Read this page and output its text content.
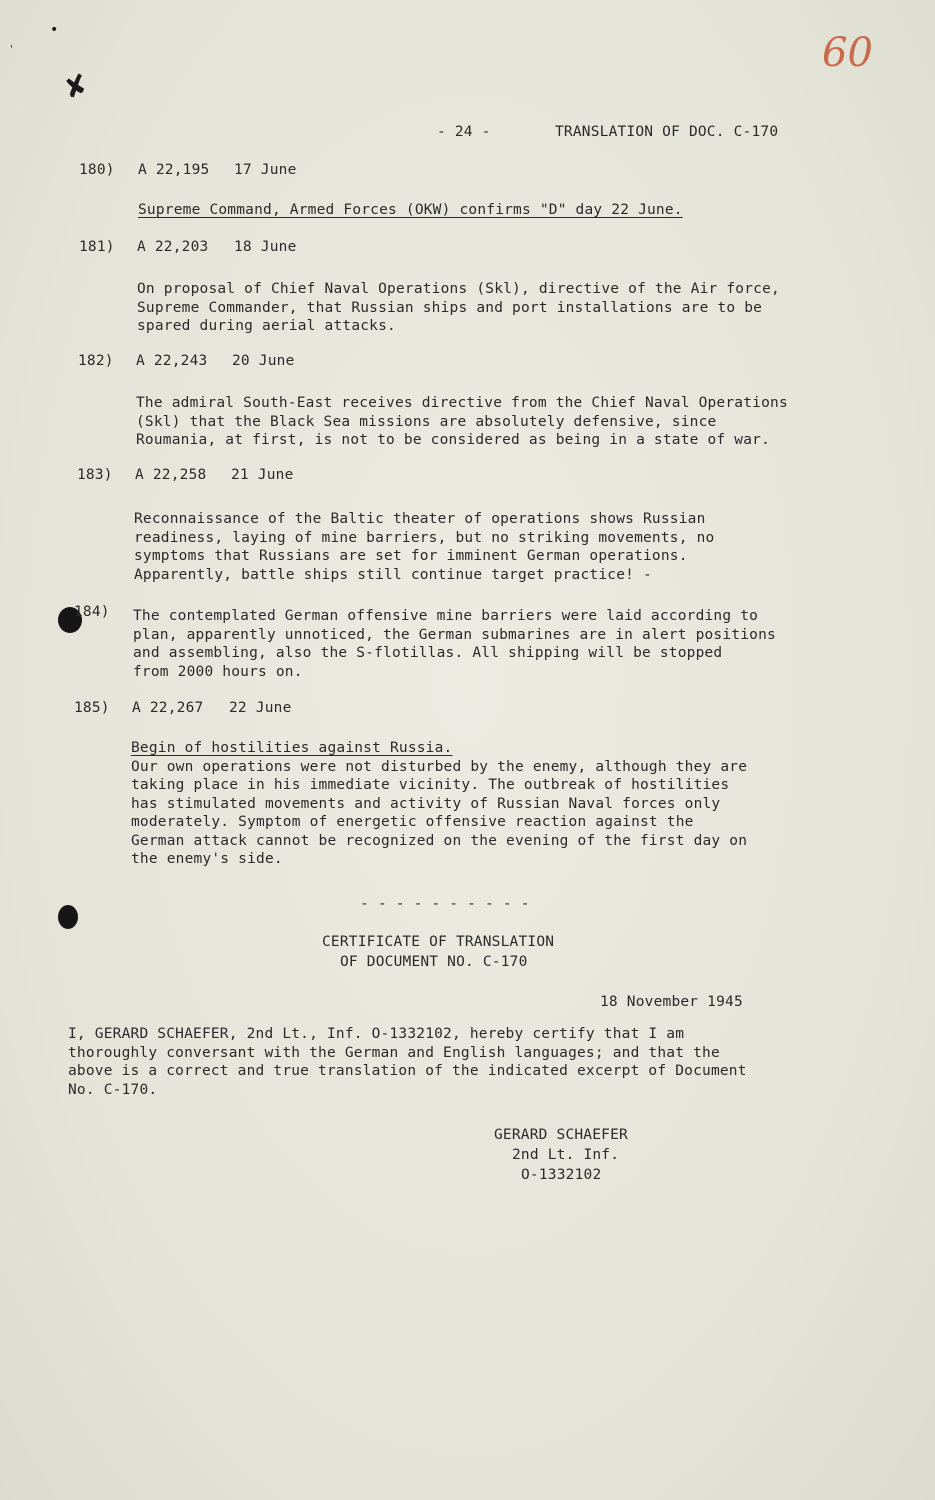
•
'
✘
60
- 24 -	TRANSLATION OF DOC. C-170
180) A 22,195 17 June
Supreme Command, Armed Forces (OKW) confirms "D" day 22 June.
181) A 22,203 18 June
On proposal of Chief Naval Operations (Skl), directive of the Air force,
Supreme Commander, that Russian ships and port installations are to be
spared during aerial attacks.
182) A 22,243 20 June
The admiral South-East receives directive from the Chief Naval Operations
(Skl) that the Black Sea missions are absolutely defensive, since
Roumania, at first, is not to be considered as being in a state of war.
183) A 22,258 21 June
Reconnaissance of the Baltic theater of operations shows Russian
readiness, laying of mine barriers, but no striking movements, no
symptoms that Russians are set for imminent German operations.
Apparently, battle ships still continue target practice! -
184) The contemplated German offensive mine barriers were laid according to
plan, apparently unnoticed, the German submarines are in alert positions
and assembling, also the S-flotillas. All shipping will be stopped
from 2000 hours on.
185) A 22,267 22 June
Begin of hostilities against Russia.
Our own operations were not disturbed by the enemy, although they are
taking place in his immediate vicinity. The outbreak of hostilities
has stimulated movements and activity of Russian Naval forces only
moderately. Symptom of energetic offensive reaction against the
German attack cannot be recognized on the evening of the first day on
the enemy's side.
- - - - - - - - - -
CERTIFICATE OF TRANSLATION
OF DOCUMENT NO. C-170
18 November 1945
I, GERARD SCHAEFER, 2nd Lt., Inf. O-1332102, hereby certify that I am
thoroughly conversant with the German and English languages; and that the
above is a correct and true translation of the indicated excerpt of Document
No. C-170.
GERARD SCHAEFER
2nd Lt. Inf.
O-1332102
